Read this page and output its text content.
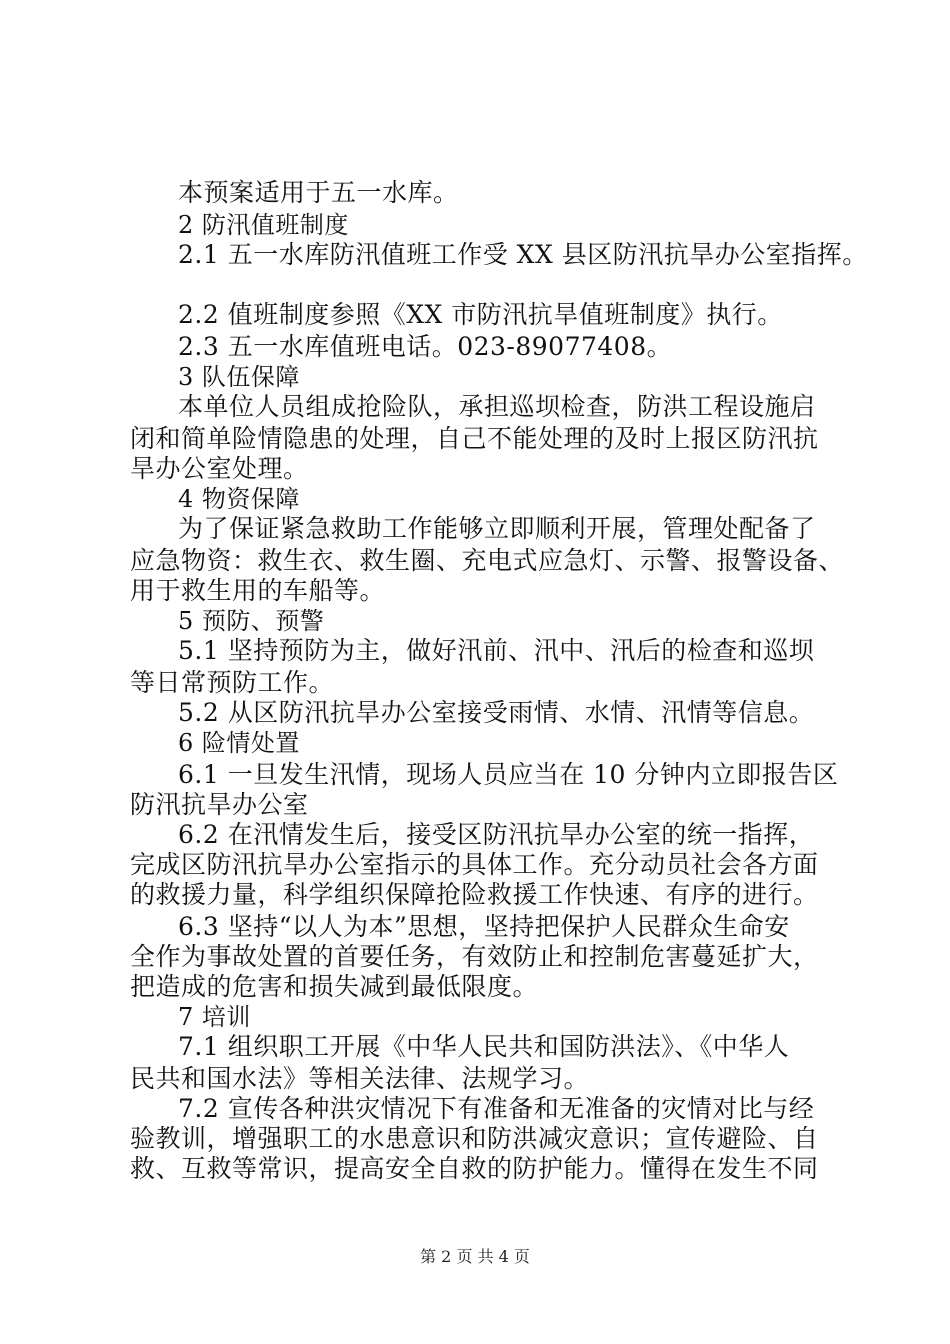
本预案适用于五一水库。
2 防汛值班制度
2.1 五一水库防汛值班工作受 XX 县区防汛抗旱办公室指挥。
2.2 值班制度参照《XX 市防汛抗旱值班制度》执行。
2.3 五一水库值班电话。023-89077408。
3 队伍保障
本单位人员组成抢险队，承担巡坝检查，防洪工程设施启
闭和简单险情隐患的处理，自己不能处理的及时上报区防汛抗
旱办公室处理。
4 物资保障
为了保证紧急救助工作能够立即顺利开展，管理处配备了
应急物资：救生衣、救生圈、充电式应急灯、示警、报警设备、
用于救生用的车船等。
5 预防、预警
5.1 坚持预防为主，做好汛前、汛中、汛后的检查和巡坝
等日常预防工作。
5.2 从区防汛抗旱办公室接受雨情、水情、汛情等信息。
6 险情处置
6.1 一旦发生汛情，现场人员应当在 10 分钟内立即报告区
防汛抗旱办公室
6.2 在汛情发生后，接受区防汛抗旱办公室的统一指挥，
完成区防汛抗旱办公室指示的具体工作。充分动员社会各方面
的救援力量，科学组织保障抢险救援工作快速、有序的进行。
6.3 坚持“以人为本”思想，坚持把保护人民群众生命安
全作为事故处置的首要任务，有效防止和控制危害蔓延扩大，
把造成的危害和损失减到最低限度。
7 培训
7.1 组织职工开展《中华人民共和国防洪法》、《中华人
民共和国水法》等相关法律、法规学习。
7.2 宣传各种洪灾情况下有准备和无准备的灾情对比与经
验教训，增强职工的水患意识和防洪减灾意识；宣传避险、自
救、互救等常识，提高安全自救的防护能力。懂得在发生不同
第 2 页 共 4 页
